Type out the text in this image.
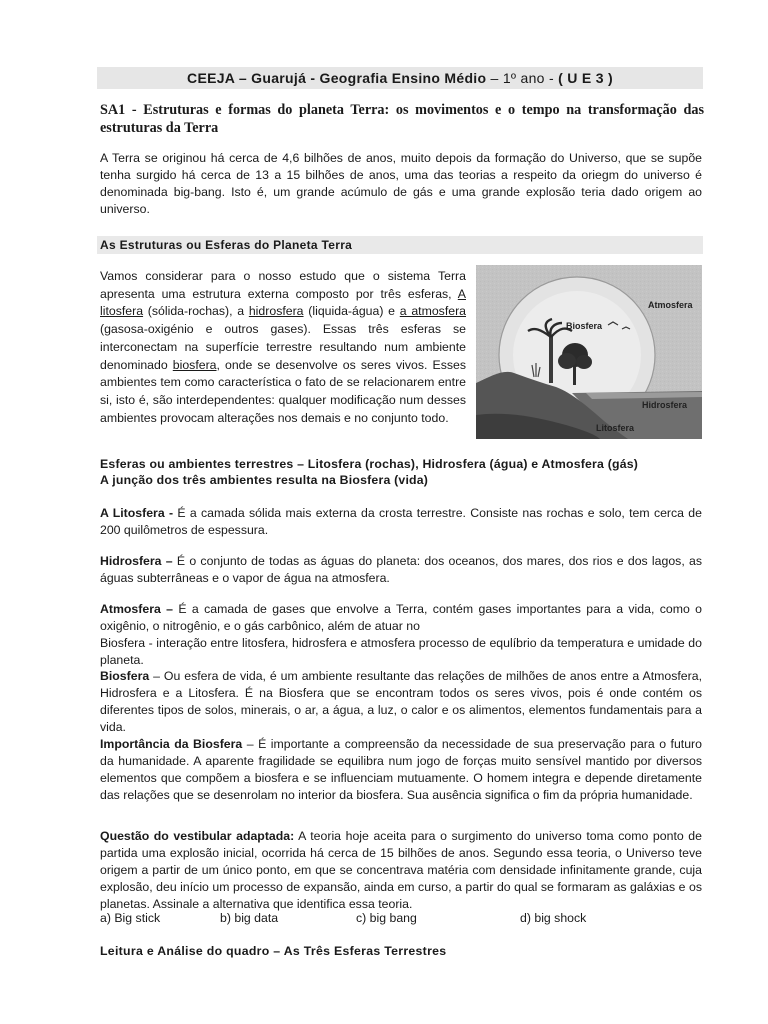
CEEJA – Guarujá - Geografia Ensino Médio – 1º ano - ( U E 3 )
SA1 - Estruturas e formas do planeta Terra: os movimentos e o tempo na transformação das estruturas da Terra
A Terra se originou há cerca de 4,6 bilhões de anos, muito depois da formação do Universo, que se supõe tenha surgido há cerca de 13 a 15 bilhões de anos, uma das teorias a respeito da oriegm do universo é denominada big-bang. Isto é, um grande acúmulo de gás e uma grande explosão teria dado origem ao universo.
As Estruturas ou Esferas do Planeta Terra
Vamos considerar para o nosso estudo que o sistema Terra apresenta uma estrutura externa composto por três esferas, A litosfera (sólida-rochas), a hidrosfera (liquida-água) e a atmosfera (gasosa-oxigénio e outros gases). Essas três esferas se interconectam na superfície terrestre resultando num ambiente denominado biosfera, onde se desenvolve os seres vivos. Esses ambientes tem como característica o fato de se relacionarem entre si, isto é, são interdependentes: qualquer modificação num desses ambientes provocam alterações nos demais e no conjunto todo.
Atmosfera
Biosfera
Hidrosfera
Litosfera
Esferas ou ambientes terrestres – Litosfera (rochas), Hidrosfera (água) e Atmosfera (gás)
A junção dos três ambientes resulta na Biosfera (vida)
A Litosfera - É a camada sólida mais externa da crosta terrestre. Consiste nas rochas e solo, tem cerca de 200 quilômetros de espessura.
Hidrosfera – É o conjunto de todas as águas do planeta: dos oceanos, dos mares, dos rios e dos lagos, as águas subterrâneas e o vapor de água na atmosfera.
Atmosfera – É a camada de gases que envolve a Terra, contém gases importantes para a vida, como o oxigênio, o nitrogênio, e o gás carbônico, além de atuar no
Biosfera - interação entre litosfera, hidrosfera e atmosfera processo de equlíbrio da temperatura e umidade do planeta.
Biosfera – Ou esfera de vida, é um ambiente resultante das relações de milhões de anos entre a Atmosfera, Hidrosfera e a Litosfera. É na Biosfera que se encontram todos os seres vivos, pois é onde contém os diferentes tipos de solos, minerais, o ar, a água, a luz, o calor e os alimentos, elementos fundamentais para a vida.
Importância da Biosfera – É importante a compreensão da necessidade de sua preservação para o futuro da humanidade. A aparente fragilidade se equilibra num jogo de forças muito sensível mantido por diversos elementos que compõem a biosfera e se influenciam mutuamente. O homem integra e depende diretamente das relações que se desenrolam no interior da biosfera. Sua ausência significa o fim da própria humanidade.
Questão do vestibular adaptada: A teoria hoje aceita para o surgimento do universo toma como ponto de partida uma explosão inicial, ocorrida há cerca de 15 bilhões de anos. Segundo essa teoria, o Universo teve origem a partir de um único ponto, em que se concentrava matéria com densidade infinitamente grande, cuja explosão, deu início um processo de expansão, ainda em curso, a partir do qual se formaram as galáxias e os planetas. Assinale a alternativa que identifica essa teoria.
a) Big stick	b) big data	c) big bang	d) big shock
Leitura e Análise do quadro – As Três Esferas Terrestres
